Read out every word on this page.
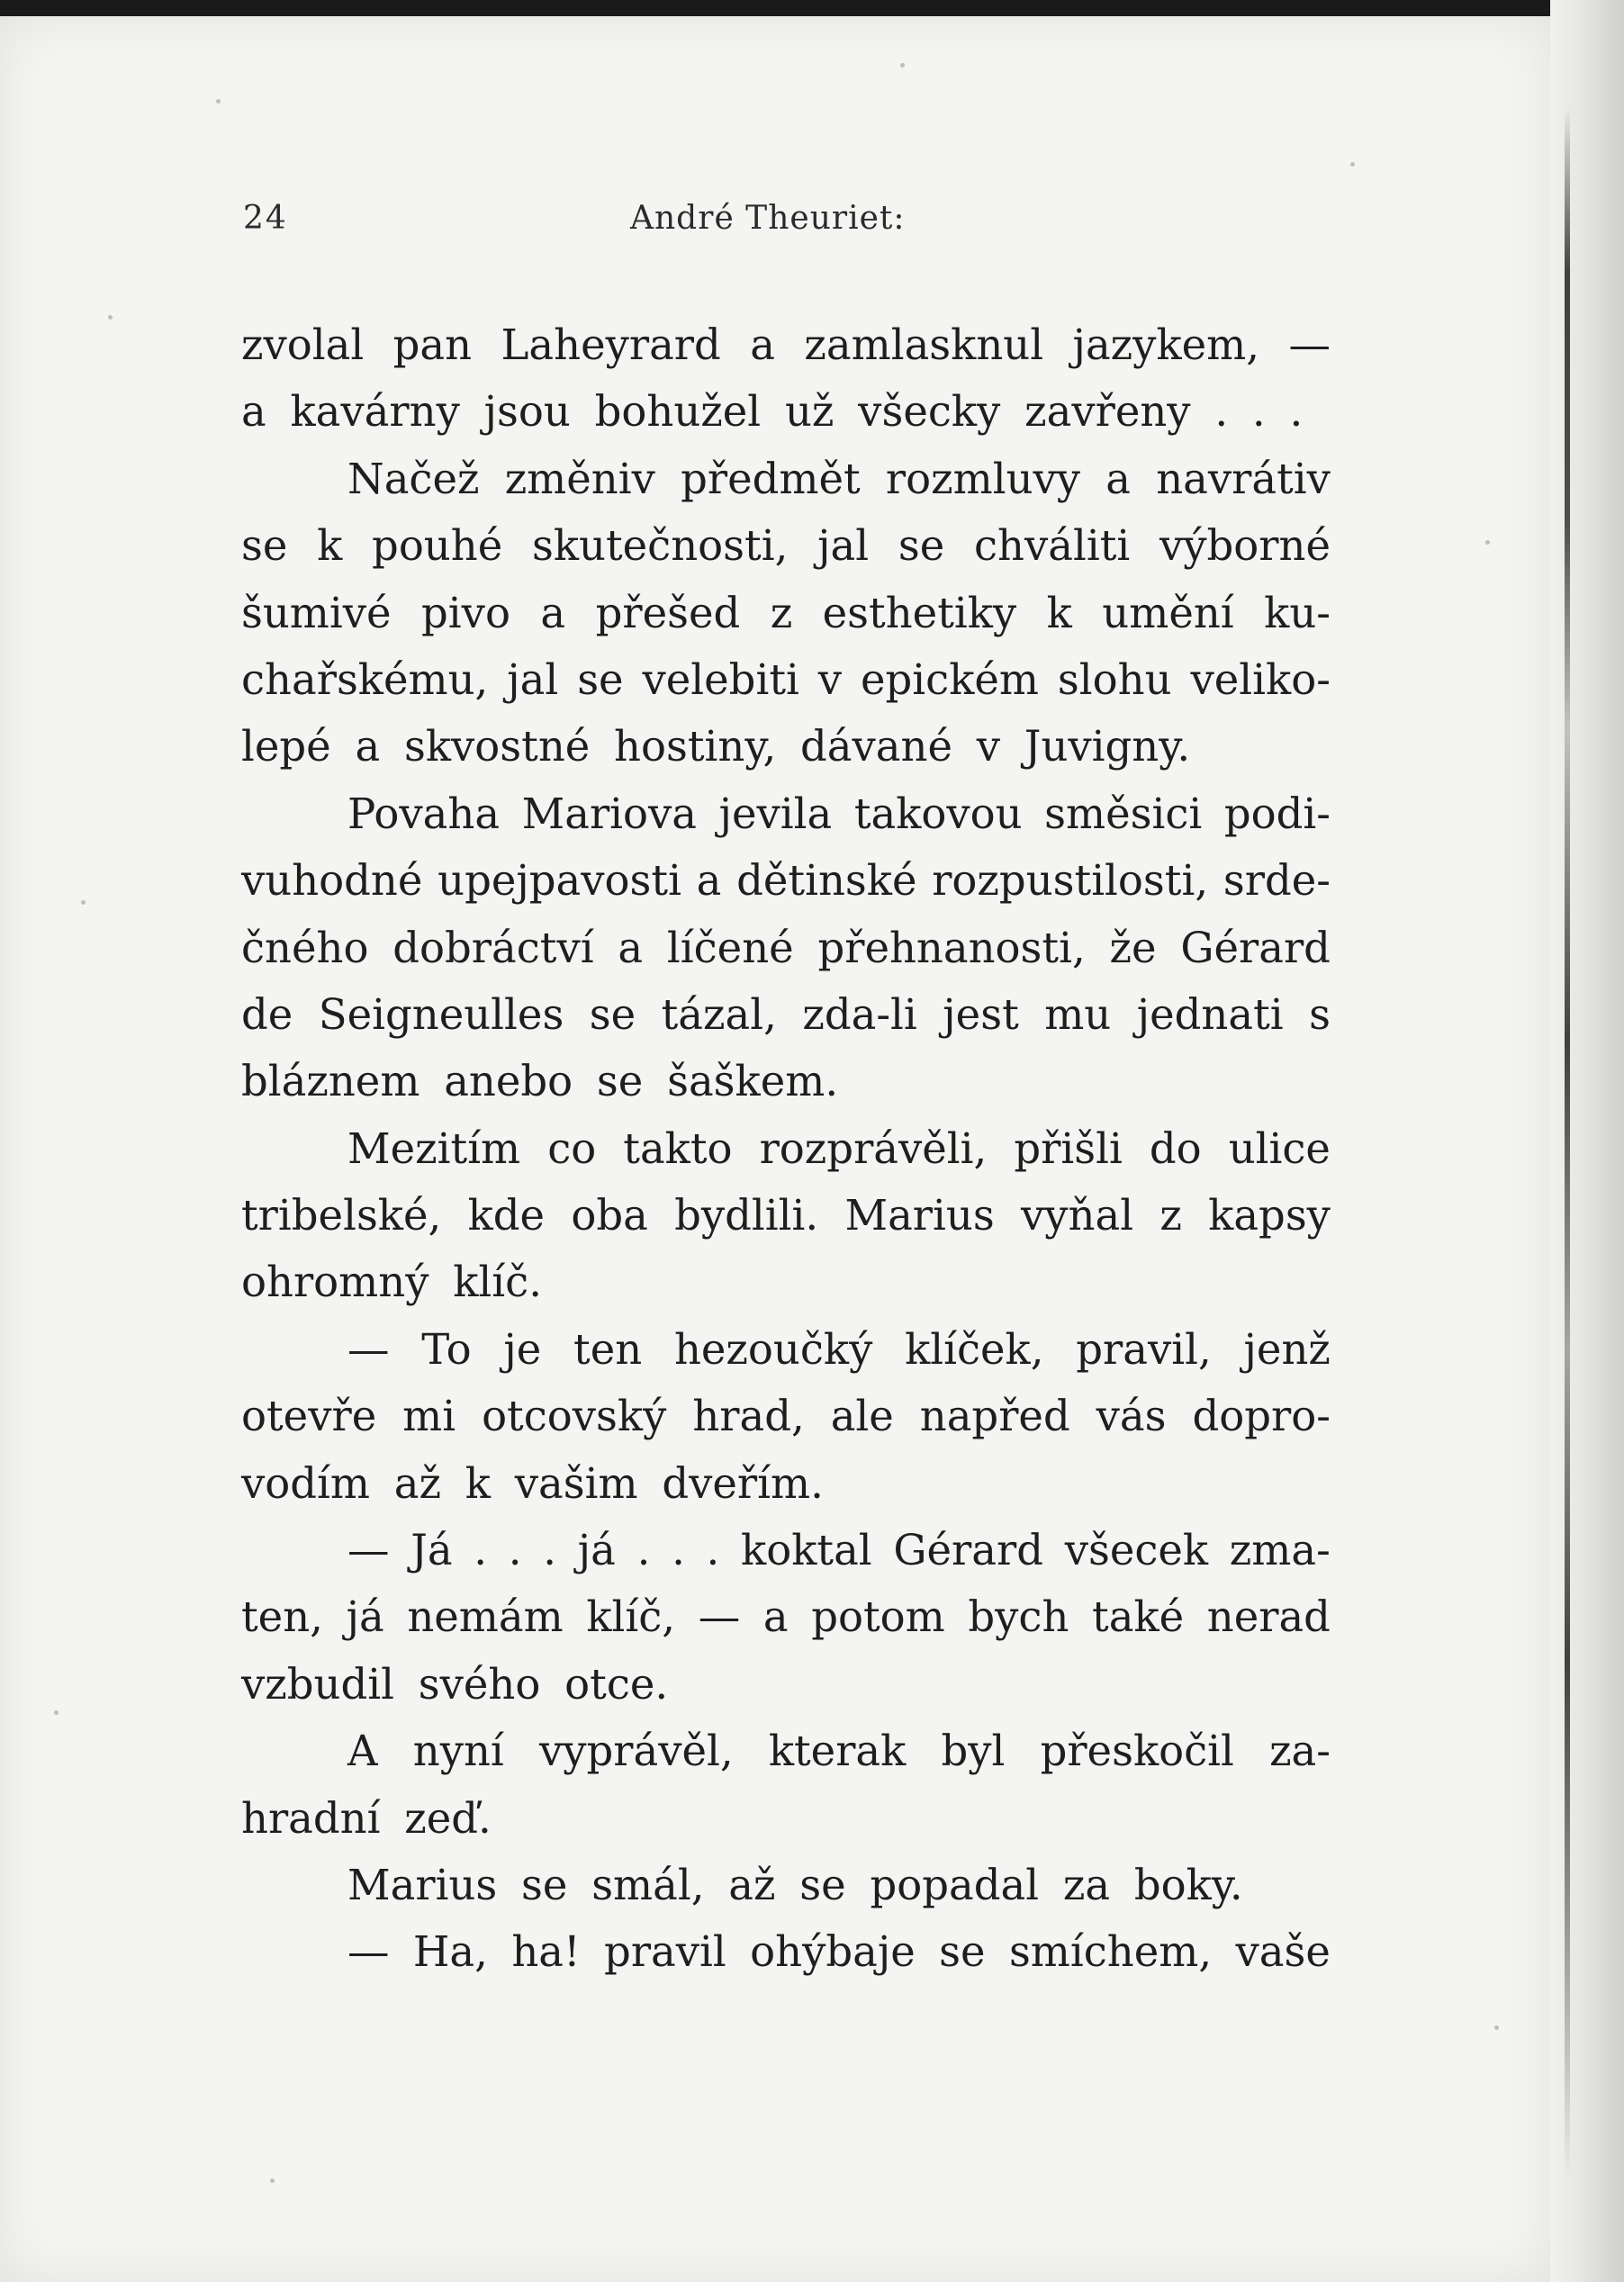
24	André Theuriet:
zvolal pan Laheyrard a zamlasknul jazykem, —
a kavárny jsou bohužel už všecky zavřeny . . .
Načež změniv předmět rozmluvy a navrátiv
se k pouhé skutečnosti, jal se chváliti výborné
šumivé pivo a přešed z esthetiky k umění ku-
chařskému, jal se velebiti v epickém slohu veliko-
lepé a skvostné hostiny, dávané v Juvigny.
Povaha Mariova jevila takovou směsici podi-
vuhodné upejpavosti a dětinské rozpustilosti, srde-
čného dobráctví a líčené přehnanosti, že Gérard
de Seigneulles se tázal, zda-li jest mu jednati s
bláznem anebo se šaškem.
Mezitím co takto rozprávěli, přišli do ulice
tribelské, kde oba bydlili. Marius vyňal z kapsy
ohromný klíč.
— To je ten hezoučký klíček, pravil, jenž
otevře mi otcovský hrad, ale napřed vás dopro-
vodím až k vašim dveřím.
— Já . . . já . . . koktal Gérard všecek zma-
ten, já nemám klíč, — a potom bych také nerad
vzbudil svého otce.
A nyní vyprávěl, kterak byl přeskočil za-
hradní zeď.
Marius se smál, až se popadal za boky.
— Ha, ha! pravil ohýbaje se smíchem, vaše
